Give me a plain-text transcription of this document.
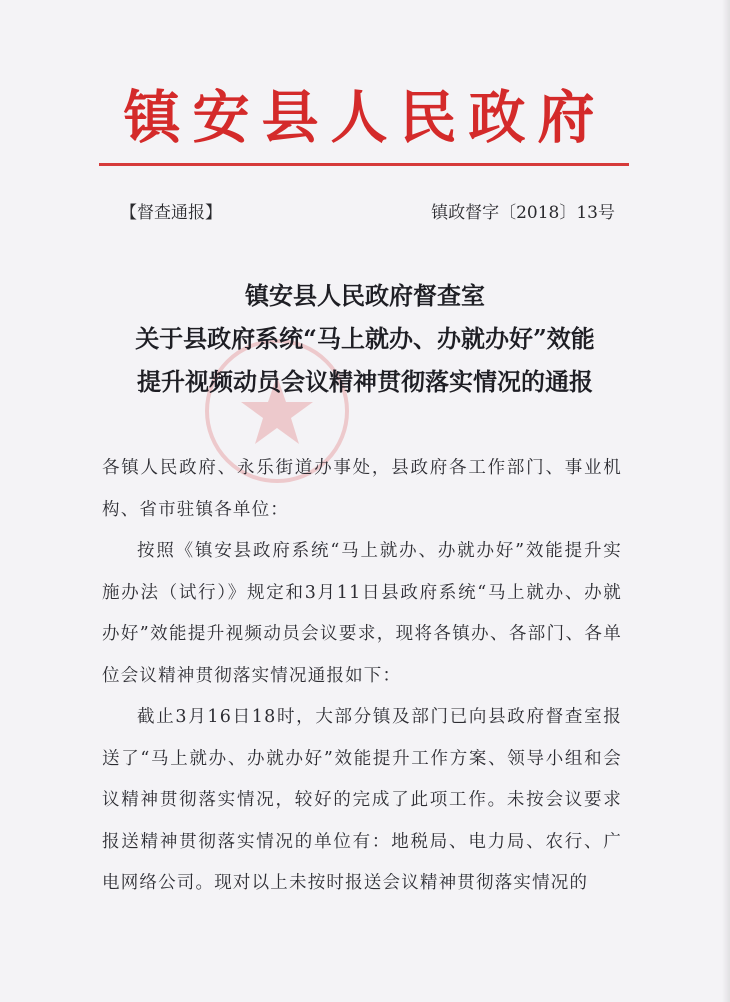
镇安县人民政府
【督查通报】	镇政督字〔2018〕13号
镇安县人民政府督查室
关于县政府系统“马上就办、办就办好”效能
提升视频动员会议精神贯彻落实情况的通报

各镇人民政府、永乐街道办事处，县政府各工作部门、事业机构、省市驻镇各单位：

按照《镇安县政府系统“马上就办、办就办好”效能提升实施办法（试行）》规定和3月11日县政府系统“马上就办、办就办好”效能提升视频动员会议要求，现将各镇办、各部门、各单位会议精神贯彻落实情况通报如下：

截止3月16日18时，大部分镇及部门已向县政府督查室报送了“马上就办、办就办好”效能提升工作方案、领导小组和会议精神贯彻落实情况，较好的完成了此项工作。未按会议要求报送精神贯彻落实情况的单位有：地税局、电力局、农行、广电网络公司。现对以上未按时报送会议精神贯彻落实情况的
